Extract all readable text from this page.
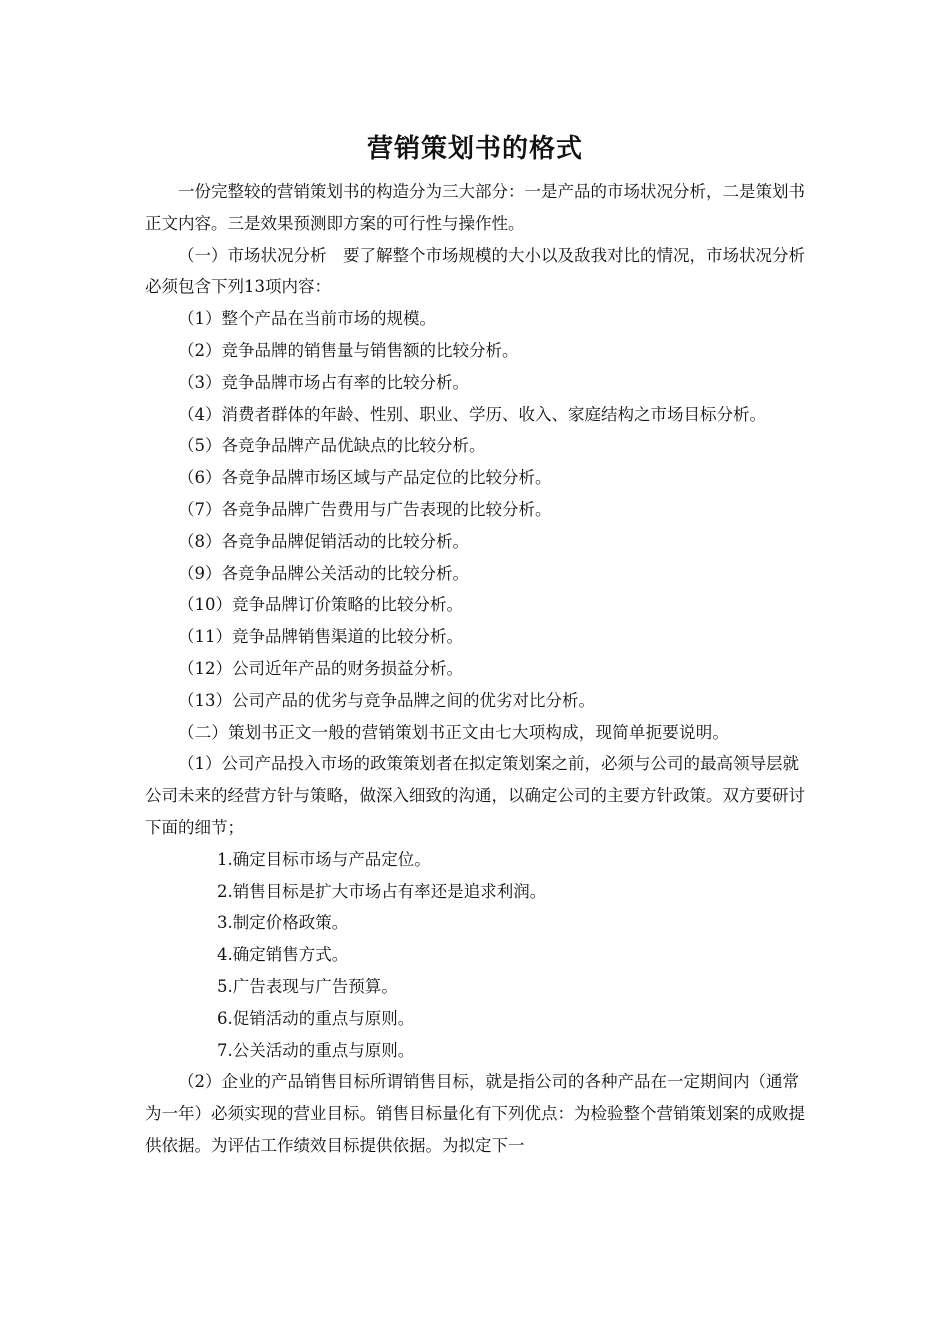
营销策划书的格式

一份完整较的营销策划书的构造分为三大部分：一是产品的市场状况分析，二是策划书正文内容。三是效果预测即方案的可行性与操作性。

（一）市场状况分析　要了解整个市场规模的大小以及敌我对比的情况，市场状况分析必须包含下列13项内容：

（1）整个产品在当前市场的规模。

（2）竞争品牌的销售量与销售额的比较分析。

（3）竞争品牌市场占有率的比较分析。

（4）消费者群体的年龄、性别、职业、学历、收入、家庭结构之市场目标分析。

（5）各竞争品牌产品优缺点的比较分析。

（6）各竞争品牌市场区域与产品定位的比较分析。

（7）各竞争品牌广告费用与广告表现的比较分析。

（8）各竞争品牌促销活动的比较分析。

（9）各竞争品牌公关活动的比较分析。

（10）竞争品牌订价策略的比较分析。

（11）竞争品牌销售渠道的比较分析。

（12）公司近年产品的财务损益分析。

（13）公司产品的优劣与竞争品牌之间的优劣对比分析。

（二）策划书正文一般的营销策划书正文由七大项构成，现简单扼要说明。

（1）公司产品投入市场的政策策划者在拟定策划案之前，必须与公司的最高领导层就公司未来的经营方针与策略，做深入细致的沟通，以确定公司的主要方针政策。双方要研讨下面的细节；

1.确定目标市场与产品定位。

2.销售目标是扩大市场占有率还是追求利润。

3.制定价格政策。

4.确定销售方式。

5.广告表现与广告预算。

6.促销活动的重点与原则。

7.公关活动的重点与原则。

（2）企业的产品销售目标所谓销售目标，就是指公司的各种产品在一定期间内（通常为一年）必须实现的营业目标。销售目标量化有下列优点：为检验整个营销策划案的成败提供依据。为评估工作绩效目标提供依据。为拟定下一
